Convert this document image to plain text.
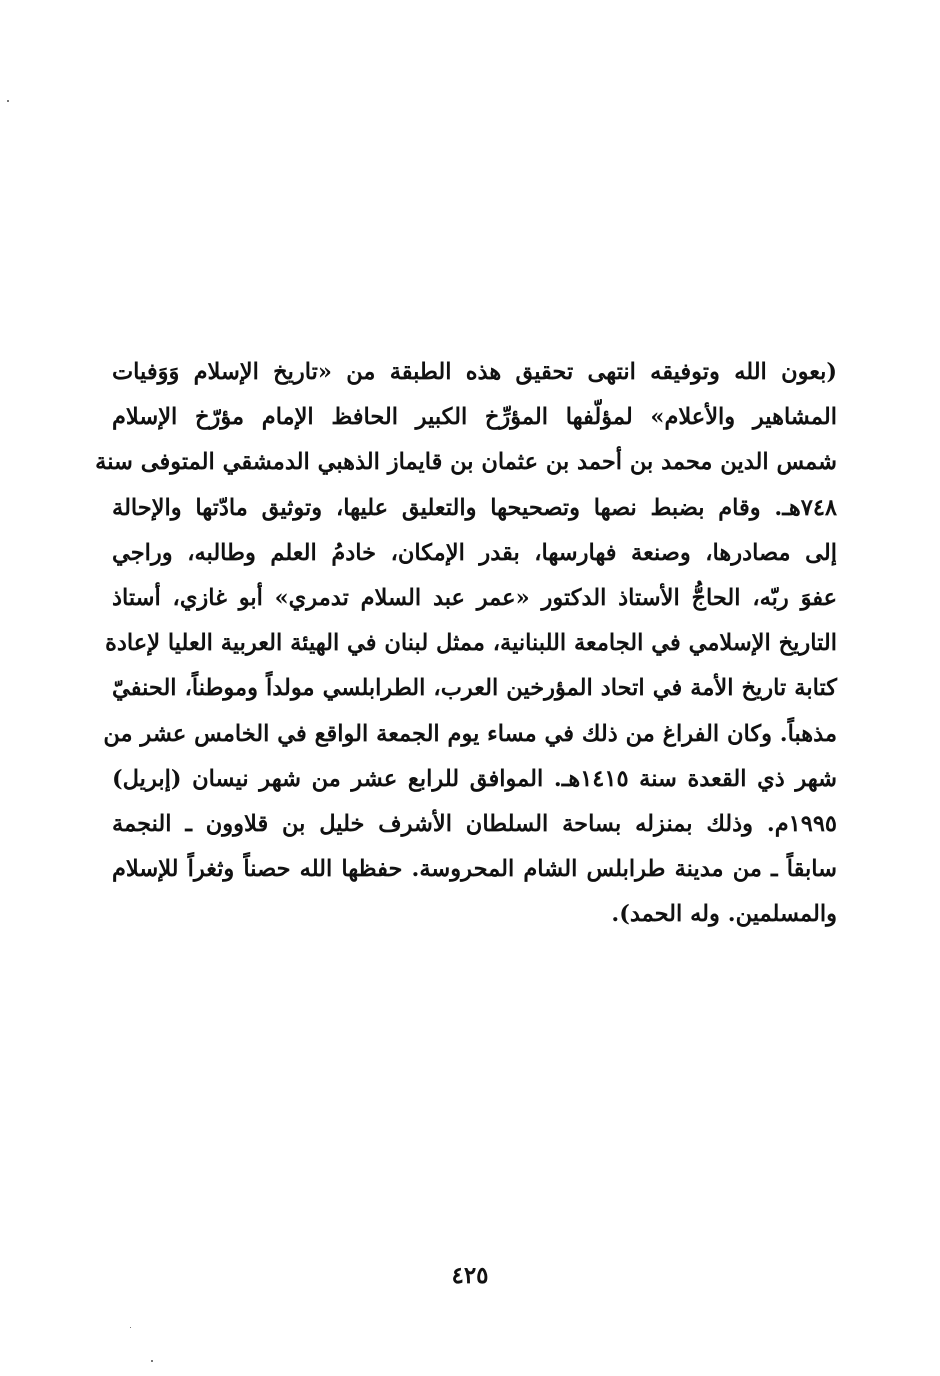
(بعون الله وتوفيقه انتهى تحقيق هذه الطبقة من «تاريخ الإسلام وَوَفيات
المشاهير والأعلام» لمؤلّفها المؤرِّخ الكبير الحافظ الإمام مؤرّخ الإسلام
شمس الدين محمد بن أحمد بن عثمان بن قايماز الذهبي الدمشقي المتوفى سنة
٧٤٨هـ. وقام بضبط نصها وتصحيحها والتعليق عليها، وتوثيق مادّتها والإحالة
إلى مصادرها، وصنعة فهارسها، بقدر الإمكان، خادمُ العلم وطالبه، وراجي
عفوَ ربّه، الحاجُّ الأستاذ الدكتور «عمر عبد السلام تدمري» أبو غازي، أستاذ
التاريخ الإسلامي في الجامعة اللبنانية، ممثل لبنان في الهيئة العربية العليا لإعادة
كتابة تاريخ الأمة في اتحاد المؤرخين العرب، الطرابلسي مولداً وموطناً، الحنفيّ
مذهباً. وكان الفراغ من ذلك في مساء يوم الجمعة الواقع في الخامس عشر من
شهر ذي القعدة سنة ١٤١٥هـ. الموافق للرابع عشر من شهر نيسان (إبريل)
١٩٩٥م. وذلك بمنزله بساحة السلطان الأشرف خليل بن قلاوون ـ النجمة
سابقاً ـ من مدينة طرابلس الشام المحروسة. حفظها الله حصناً وثغراً للإسلام
والمسلمين. وله الحمد).
٤٢٥
